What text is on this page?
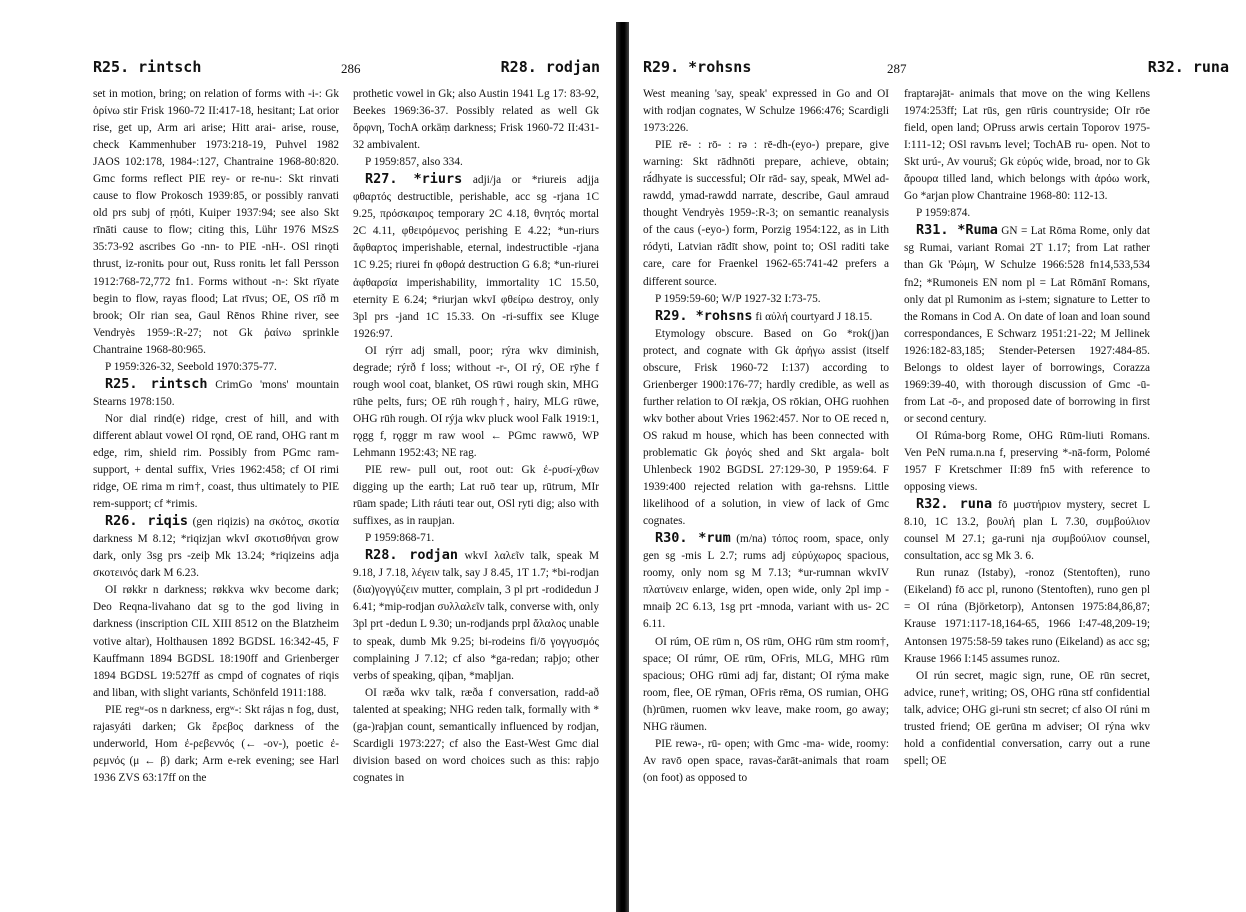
R25. rintsch	286	R28. rodjan

set in motion, bring; on relation of forms with -i-: Gk ὀρίνω stir Frisk 1960-72 II:417-18, hesitant; Lat orior rise, get up, Arm ari arise; Hitt arai- arise, rouse, check Kammenhuber 1973:218-19, Puhvel 1982 JAOS 102:178, 1984-:127, Chantraine 1968-80:820. Gmc forms reflect PIE rey- or re-nu-: Skt rinvati cause to flow Prokosch 1939:85, or possibly ranvati old prs subj of ṛṇóti, Kuiper 1937:94; see also Skt rīnāti cause to flow; citing this, Lühr 1976 MSzS 35:73-92 ascribes Go -nn- to PIE -nH-. OSl rinǫti thrust, iz-ronitь pour out, Russ ronitь let fall Persson 1912:768-72,772 fn1. Forms without -n-: Skt rīyate begin to flow, rayas flood; Lat rīvus; OE, OS rīð m brook; OIr rian sea, Gaul Rēnos Rhine river, see Vendryès 1959-:R-27; not Gk ῥαίνω sprinkle Chantraine 1968-80:965.

P 1959:326-32, Seebold 1970:375-77.

R25. rintsch CrimGo 'mons' mountain Stearns 1978:150.

Nor dial rind(e) ridge, crest of hill, and with different ablaut vowel OI rǫnd, OE rand, OHG rant m edge, rim, shield rim. Possibly from PGmc ram- support, + dental suffix, Vries 1962:458; cf OI rimi ridge, OE rima m rim†, coast, thus ultimately to PIE rem-support; cf *rimis.

R26. riqis (gen riqizis) na σκότος, σκοτία darkness M 8.12; *riqizjan wkvI σκοτισθήναι grow dark, only 3sg prs -zeiþ Mk 13.24; *riqizeins adja σκοτεινός dark M 6.23.

OI røkkr n darkness; røkkva wkv become dark; Deo Reqna-livahano dat sg to the god living in darkness (inscription CIL XIII 8512 on the Blatzheim votive altar), Holthausen 1892 BGDSL 16:342-45, F Kauffmann 1894 BGDSL 18:190ff and Grienberger 1894 BGDSL 19:527ff as cmpd of cognates of riqis and liban, with slight variants, Schönfeld 1911:188.

PIE regʷ-os n darkness, ergʷ-: Skt rájas n fog, dust, rajasyáti darken; Gk ἔρεβος darkness of the underworld, Hom ἐ-ρεβεννός (← -ov-), poetic ἐ-ρεμνός (μ ← β) dark; Arm e-rek evening; see Harl 1936 ZVS 63:17ff on the

prothetic vowel in Gk; also Austin 1941 Lg 17: 83-92, Beekes 1969:36-37. Possibly related as well Gk ὄρφνη, TochA orkäṃ darkness; Frisk 1960-72 II:431-32 ambivalent.

P 1959:857, also 334.

R27. *riurs adji/ja or *riureis adjja φθαρτός destructible, perishable, acc sg -rjana 1C 9.25, πρόσκαιρος temporary 2C 4.18, θνητός mortal 2C 4.11, φθειρόμενος perishing E 4.22; *un-riurs ἄφθαρτος imperishable, eternal, indestructible -rjana 1C 9.25; riurei fn φθορά destruction G 6.8; *un-riurei ἀφθαρσία imperishability, immortality 1C 15.50, eternity E 6.24; *riurjan wkvI φθείρω destroy, only 3pl prs -jand 1C 15.33. On -ri-suffix see Kluge 1926:97.

OI rýrr adj small, poor; rýra wkv diminish, degrade; rýrð f loss; without -r-, OI rý, OE rȳhe f rough wool coat, blanket, OS rūwi rough skin, MHG rūhe pelts, furs; OE rūh rough†, hairy, MLG rūwe, OHG rūh rough. OI rýja wkv pluck wool Falk 1919:1, rǫgg f, rǫggr m raw wool ← PGmc rawwō, WP Lehmann 1952:43; NE rag.

PIE rew- pull out, root out: Gk ἐ-ρυσί-χθων digging up the earth; Lat ruō tear up, rūtrum, MIr rūam spade; Lith ráuti tear out, OSl ryti dig; also with suffixes, as in raupjan.

P 1959:868-71.

R28. rodjan wkvI λαλεῖν talk, speak M 9.18, J 7.18, λέγειν talk, say J 8.45, 1T 1.7; *bi-rodjan (δια)γογγύζειν mutter, complain, 3 pl prt -rodidedun J 6.41; *mip-rodjan συλλαλεῖν talk, converse with, only 3pl prt -dedun L 9.30; un-rodjands prpl ἄλαλος unable to speak, dumb Mk 9.25; bi-rodeins fi/ō γογγυσμός complaining J 7.12; cf also *ga-redan; raþjo; other verbs of speaking, qiþan, *maþljan.

OI ræða wkv talk, ræða f conversation, radd-að talented at speaking; NHG reden talk, formally with *(ga-)raþjan count, semantically influenced by rodjan, Scardigli 1973:227; cf also the East-West Gmc dial division based on word choices such as this: raþjo cognates in

R29. *rohsns	287	R32. runa

West meaning 'say, speak' expressed in Go and OI with rodjan cognates, W Schulze 1966:476; Scardigli 1973:226.

PIE rē- : rō- : rə : rē-dh-(eyo-) prepare, give warning: Skt rādhnōti prepare, achieve, obtain; rā́dhyate is successful; OIr rād- say, speak, MWel ad-rawdd, ymad-rawdd narrate, describe, Gaul amraud thought Vendryès 1959-:R-3; on semantic reanalysis of the caus (-eyo-) form, Porzig 1954:122, as in Lith ródyti, Latvian rādīt show, point to; OSl raditi take care, care for Fraenkel 1962-65:741-42 prefers a different source.

P 1959:59-60; W/P 1927-32 I:73-75.

R29. *rohsns fi αὐλή courtyard J 18.15.

Etymology obscure. Based on Go *rok(j)an protect, and cognate with Gk ἀρήγω assist (itself obscure, Frisk 1960-72 I:137) according to Grienberger 1900:176-77; hardly credible, as well as further relation to OI rækja, OS rōkian, OHG ruohhen wkv bother about Vries 1962:457. Nor to OE reced n, OS rakud m house, which has been connected with problematic Gk ῥογός shed and Skt argala- bolt Uhlenbeck 1902 BGDSL 27:129-30, P 1959:64. F 1939:400 rejected relation with ga-rehsns. Little likelihood of a solution, in view of lack of Gmc cognates.

R30. *rum (m/na) τόπος room, space, only gen sg -mis L 2.7; rums adj εὐρύχωρος spacious, roomy, only nom sg M 7.13; *ur-rumnan wkvIV πλατύνειν enlarge, widen, open wide, only 2pl imp -mnaiþ 2C 6.13, 1sg prt -mnoda, variant with us- 2C 6.11.

OI rúm, OE rūm n, OS rūm, OHG rūm stm room†, space; OI rúmr, OE rūm, OFris, MLG, MHG rūm spacious; OHG rūmi adj far, distant; OI rýma make room, flee, OE rȳman, OFris rēma, OS rumian, OHG (h)rūmen, ruomen wkv leave, make room, go away; NHG räumen.

PIE rewə-, rū- open; with Gmc -ma- wide, roomy: Av ravō open space, ravas-čarāt-animals that roam (on foot) as opposed to

fraptarəjāt- animals that move on the wing Kellens 1974:253ff; Lat rūs, gen rūris countryside; OIr rōe field, open land; OPruss arwis certain Toporov 1975- I:111-12; OSl ravьnъ level; TochAB ru- open. Not to Skt urú-, Av vouruš; Gk εὐρύς wide, broad, nor to Gk ἄρουρα tilled land, which belongs with ἀρόω work, Go *arjan plow Chantraine 1968-80: 112-13.

P 1959:874.

R31. *Ruma GN = Lat Rōma Rome, only dat sg Rumai, variant Romai 2T 1.17; from Lat rather than Gk 'Ρώμη, W Schulze 1966:528 fn14,533,534 fn2; *Rumoneis EN nom pl = Lat Rōmānī Romans, only dat pl Rumonim as i-stem; signature to Letter to the Romans in Cod A. On date of loan and loan sound correspondances, E Schwarz 1951:21-22; M Jellinek 1926:182-83,185; Stender-Petersen 1927:484-85. Belongs to oldest layer of borrowings, Corazza 1969:39-40, with thorough discussion of Gmc -ū- from Lat -ō-, and proposed date of borrowing in first or second century.

OI Rúma-borg Rome, OHG Rūm-liuti Romans. Ven PeN ruma.n.na f, preserving *-nā-form, Polomé 1957 F Kretschmer II:89 fn5 with reference to opposing views.

R32. runa fō μυστήριον mystery, secret L 8.10, 1C 13.2, βουλή plan L 7.30, συμβούλιον counsel M 27.1; ga-runi nja συμβούλιον counsel, consultation, acc sg Mk 3. 6.

Run runaz (Istaby), -ronoz (Stentoften), runo (Eikeland) fō acc pl, runono (Stentoften), runo gen pl = OI rúna (Björketorp), Antonsen 1975:84,86,87; Krause 1971:117-18,164-65, 1966 I:47-48,209-19; Antonsen 1975:58-59 takes runo (Eikeland) as acc sg; Krause 1966 I:145 assumes runoz.

OI rún secret, magic sign, rune, OE rūn secret, advice, rune†, writing; OS, OHG rūna stf confidential talk, advice; OHG gi-runi stn secret; cf also OI rúni m trusted friend; OE gerūna m adviser; OI rýna wkv hold a confidential conversation, carry out a rune spell; OE
